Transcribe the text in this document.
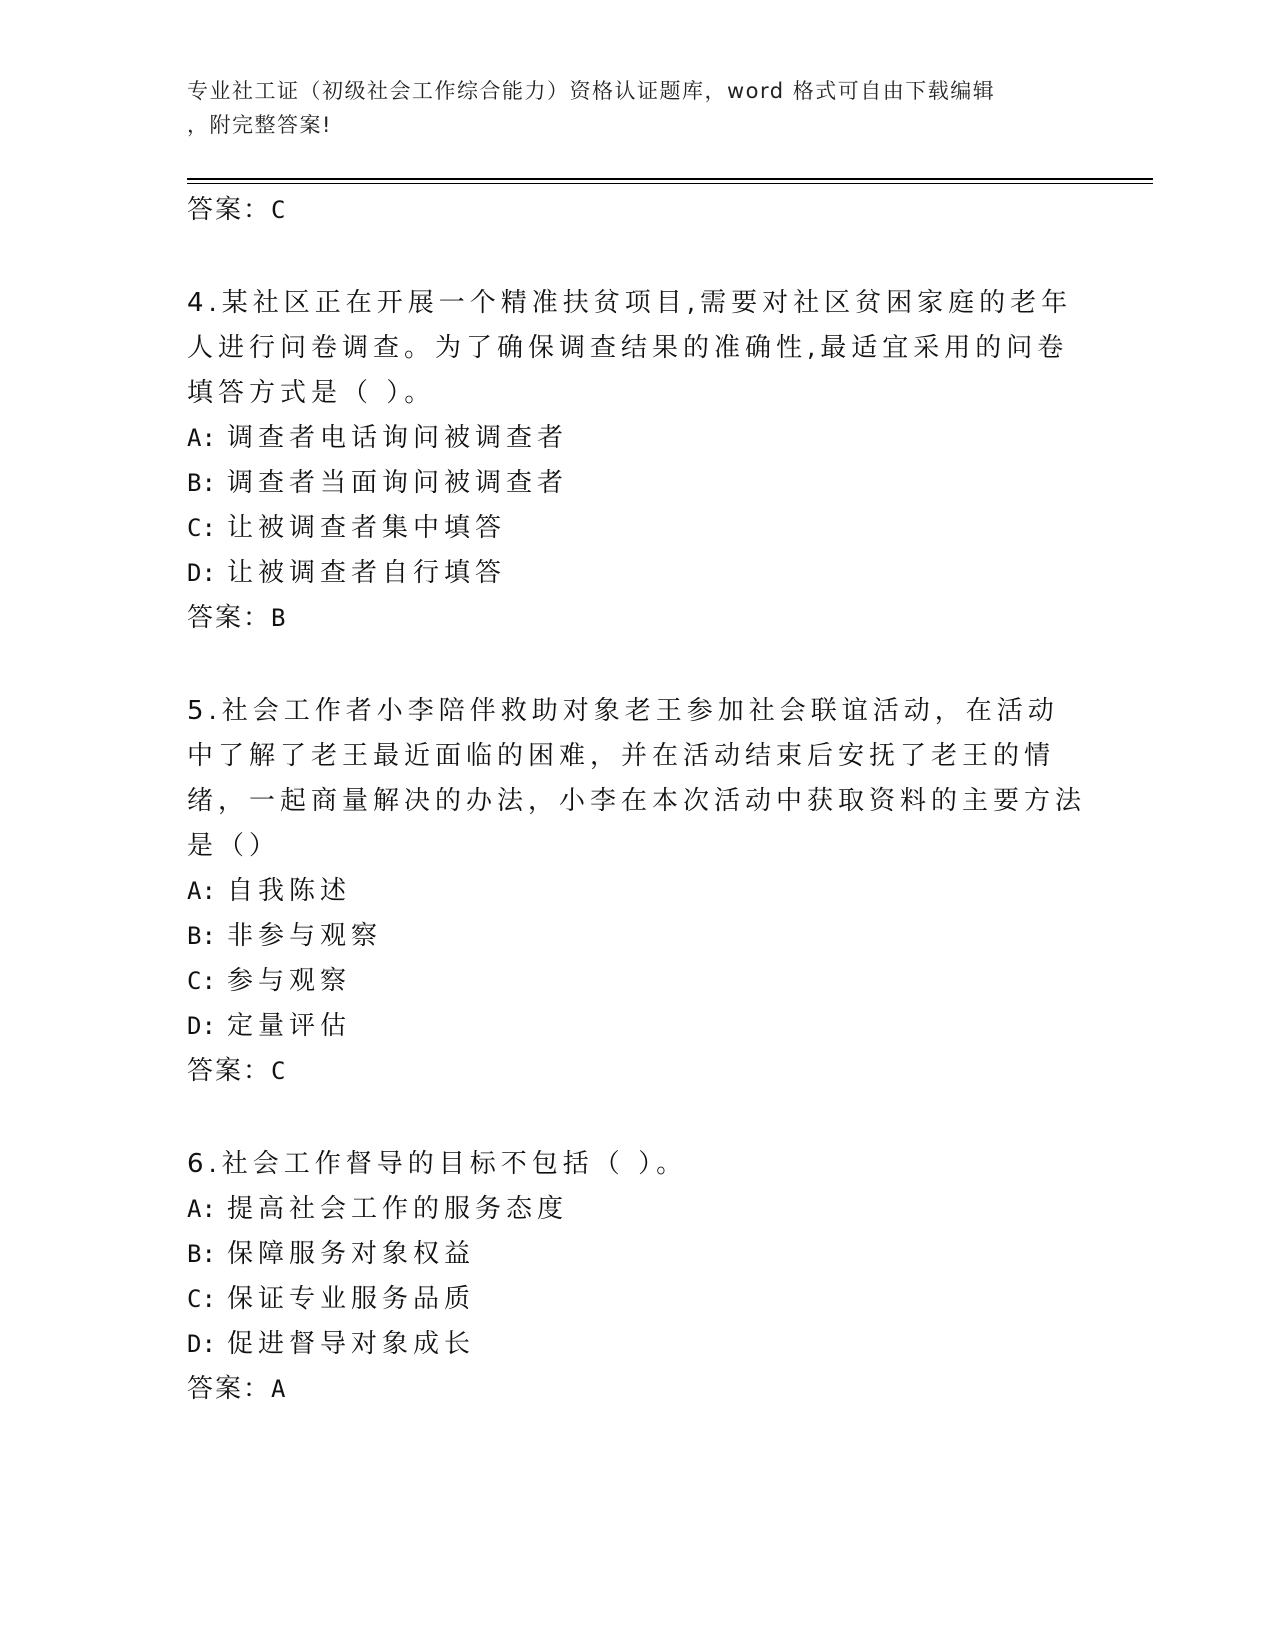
专业社工证（初级社会工作综合能力）资格认证题库，word 格式可自由下载编辑
，附完整答案!
答案：C
4.某社区正在开展一个精准扶贫项目,需要对社区贫困家庭的老年人进行问卷调查。为了确保调查结果的准确性,最适宜采用的问卷填答方式是（ ）。
A: 调查者电话询问被调查者
B: 调查者当面询问被调查者
C: 让被调查者集中填答
D: 让被调查者自行填答
答案：B
5.社会工作者小李陪伴救助对象老王参加社会联谊活动，在活动中了解了老王最近面临的困难，并在活动结束后安抚了老王的情绪，一起商量解决的办法，小李在本次活动中获取资料的主要方法是（）
A: 自我陈述
B: 非参与观察
C: 参与观察
D: 定量评估
答案：C
6.社会工作督导的目标不包括（ ）。
A: 提高社会工作的服务态度
B: 保障服务对象权益
C: 保证专业服务品质
D: 促进督导对象成长
答案：A
